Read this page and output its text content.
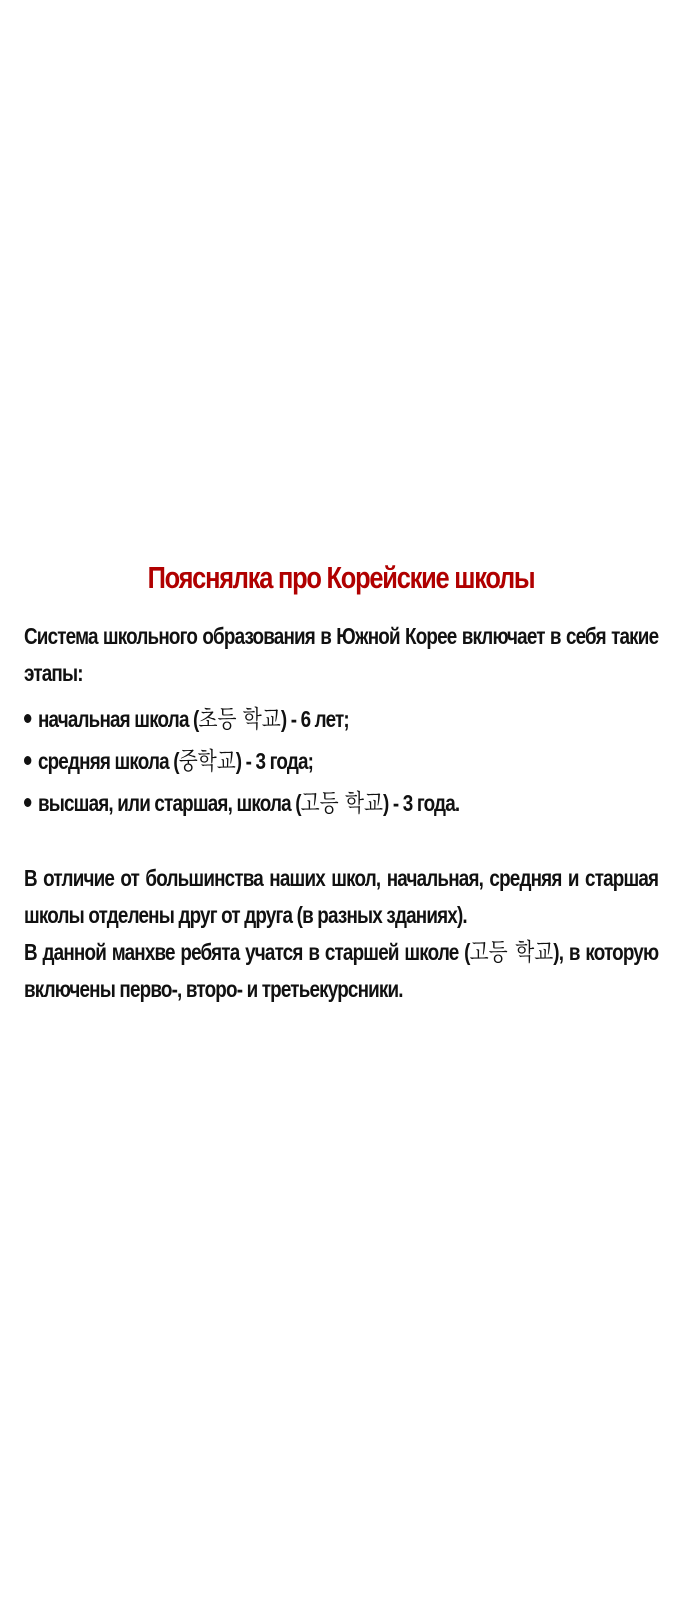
Пояснялка про Корейские школы

Система школьного образования в Южной Корее включает в себя такие этапы:

начальная школа (초등 학교) - 6 лет;
средняя школа (중학교) - 3 года;
высшая, или старшая, школа (고등 학교) - 3 года.

В отличие от большинства наших школ, начальная, средняя и старшая школы отделены друг от друга (в разных зданиях).

В данной манхве ребята учатся в старшей школе (고등 학교), в которую включены перво-, второ- и третьекурсники.
